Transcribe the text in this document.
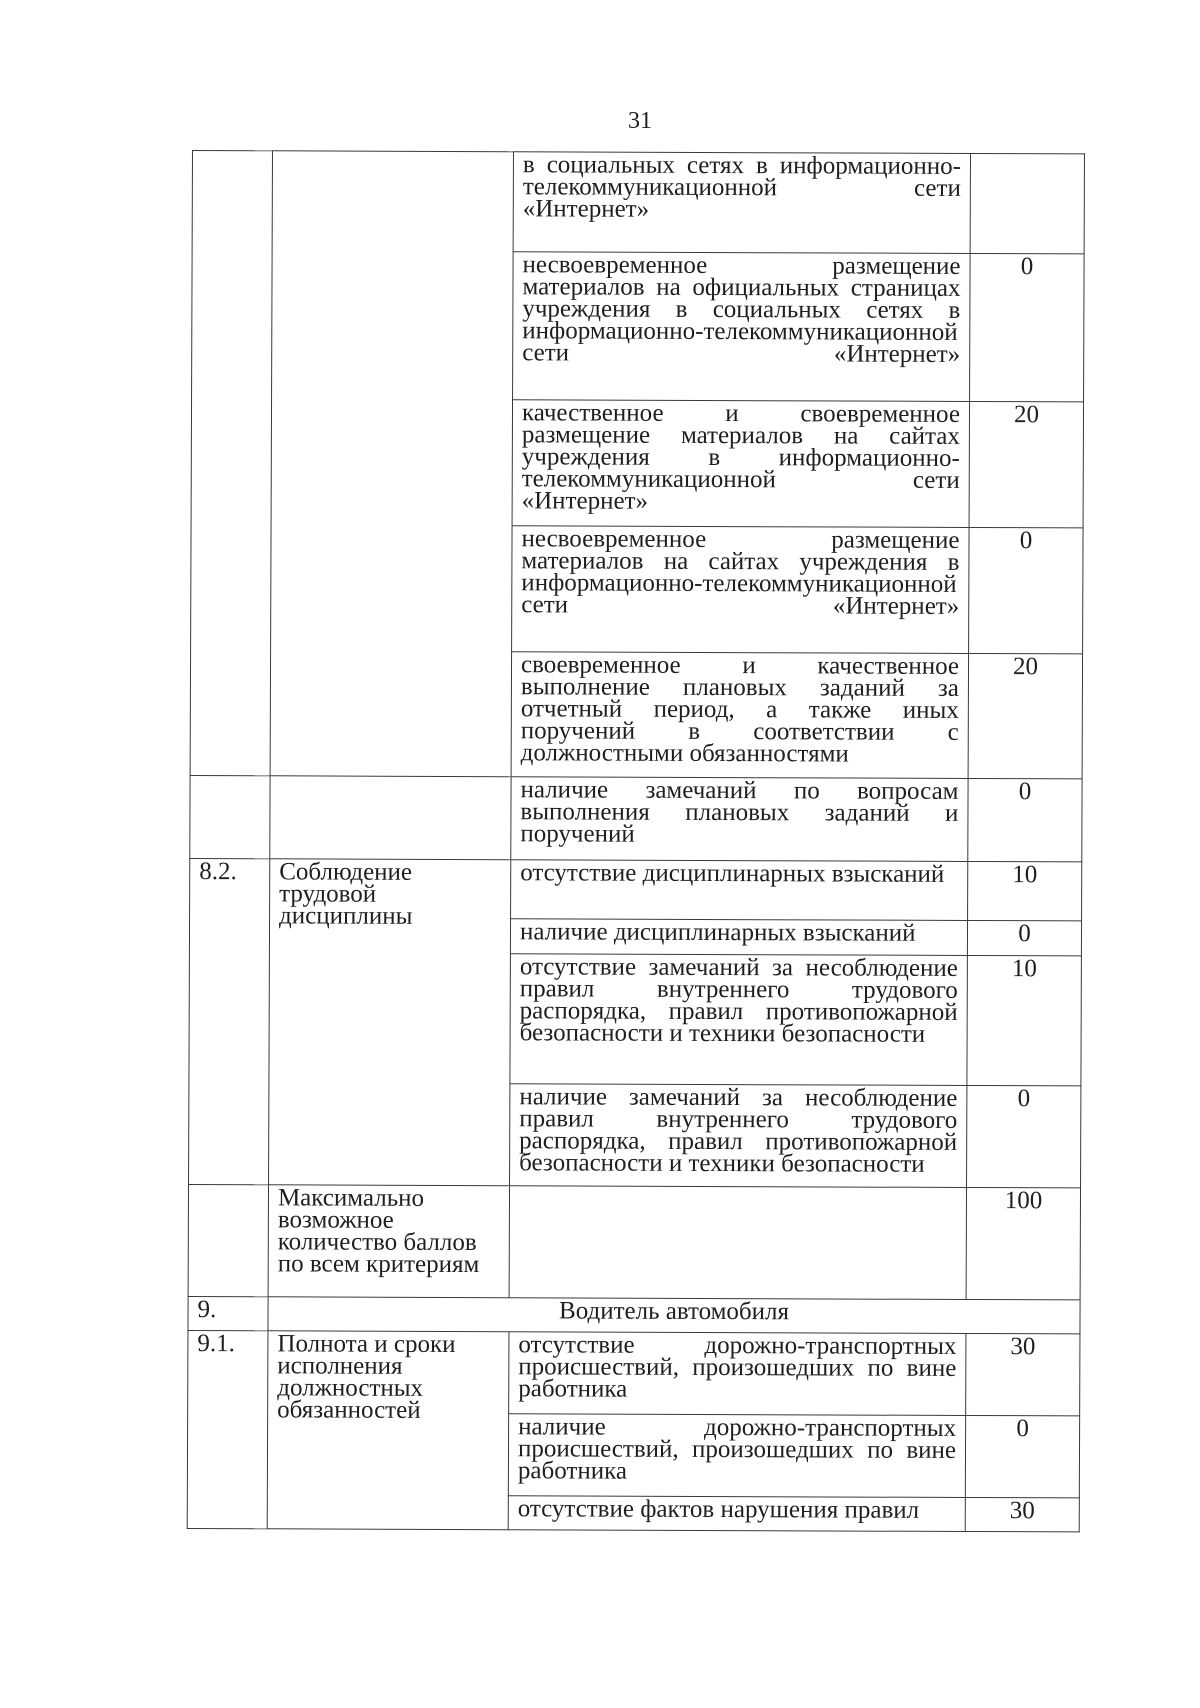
31
		в социальных сетях в информационно-телекоммуникационной сети «Интернет»	
		несвоевременное размещение материалов на официальных страницах учреждения в социальных сетях в информационно-телекоммуникационной сети «Интернет»	0
		качественное и своевременное размещение материалов на сайтах учреждения в информационно-телекоммуникационной сети «Интернет»	20
		несвоевременное размещение материалов на сайтах учреждения в информационно-телекоммуникационной сети «Интернет»	0
		своевременное и качественное выполнение плановых заданий за отчетный период, а также иных поручений в соответствии с должностными обязанностями	20
		наличие замечаний по вопросам выполнения плановых заданий и поручений	0
8.2.	Соблюдение трудовой дисциплины	отсутствие дисциплинарных взысканий	10
		наличие дисциплинарных взысканий	0
		отсутствие замечаний за несоблюдение правил внутреннего трудового распорядка, правил противопожарной безопасности и техники безопасности	10
		наличие замечаний за несоблюдение правил внутреннего трудового распорядка, правил противопожарной безопасности и техники безопасности	0
	Максимально возможное количество баллов по всем критериям		100
9.	Водитель автомобиля		
9.1.	Полнота и сроки исполнения должностных обязанностей	отсутствие дорожно-транспортных происшествий, произошедших по вине работника	30
		наличие дорожно-транспортных происшествий, произошедших по вине работника	0
		отсутствие фактов нарушения правил	30
